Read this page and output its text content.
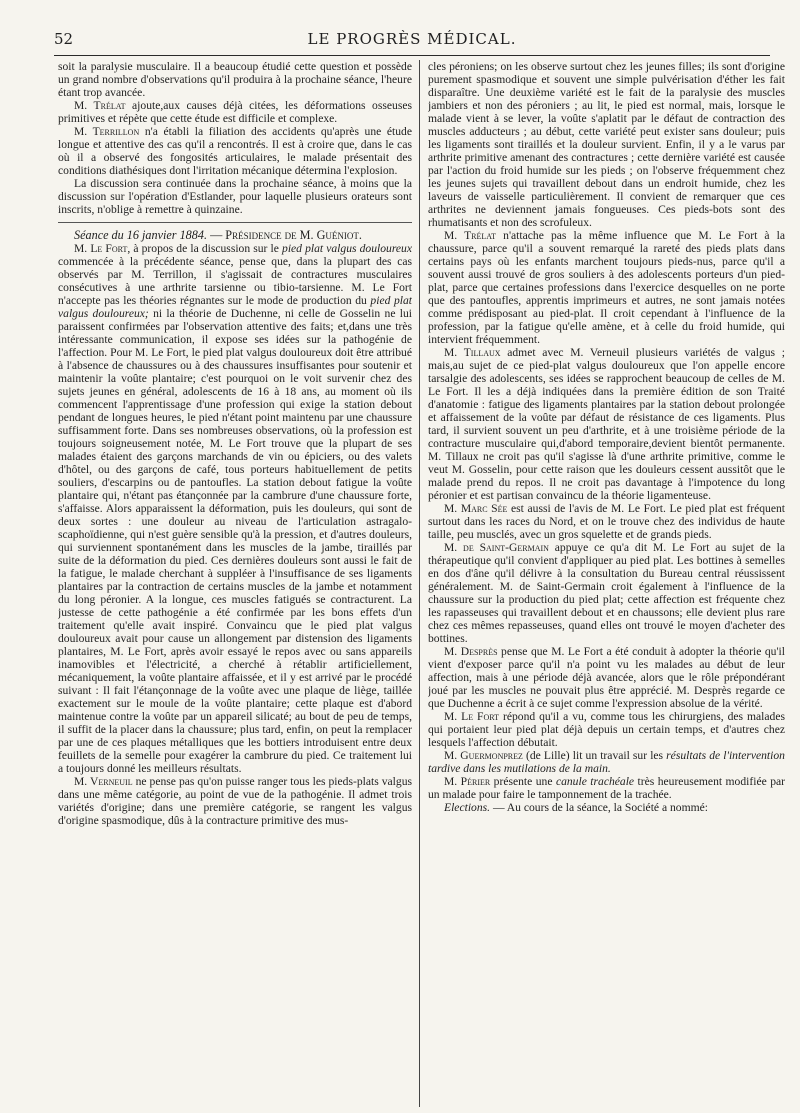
52	LE PROGRÈS MÉDICAL.

soit la paralysie musculaire. Il a beaucoup étudié cette question et possède un grand nombre d'observations qu'il produira à la prochaine séance, l'heure étant trop avancée.

M. Trélat ajoute,aux causes déjà citées, les déformations osseuses primitives et répète que cette étude est difficile et complexe.

M. Terrillon n'a établi la filiation des accidents qu'après une étude longue et attentive des cas qu'il a rencontrés. Il est à croire que, dans le cas où il a observé des fongosités articulaires, le malade présentait des conditions diathésiques dont l'irritation mécanique détermina l'explosion.

La discussion sera continuée dans la prochaine séance, à moins que la discussion sur l'opération d'Estlander, pour laquelle plusieurs orateurs sont inscrits, n'oblige à remettre à quinzaine.

Séance du 16 janvier 1884. — Présidence de M. Guéniot.

M. Le Fort, à propos de la discussion sur le pied plat valgus douloureux commencée à la précédente séance, pense que, dans la plupart des cas observés par M. Terrillon, il s'agissait de contractures musculaires consécutives à une arthrite tarsienne ou tibio-tarsienne. M. Le Fort n'accepte pas les théories régnantes sur le mode de production du pied plat valgus douloureux; ni la théorie de Duchenne, ni celle de Gosselin ne lui paraissent confirmées par l'observation attentive des faits; et,dans une très intéressante communication, il expose ses idées sur la pathogénie de l'affection. Pour M. Le Fort, le pied plat valgus douloureux doit être attribué à l'absence de chaussures ou à des chaussures insuffisantes pour soutenir et maintenir la voûte plantaire; c'est pourquoi on le voit survenir chez des sujets jeunes en général, adolescents de 16 à 18 ans, au moment où ils commencent l'apprentissage d'une profession qui exige la station debout pendant de longues heures, le pied n'étant point maintenu par une chaussure suffisamment forte. Dans ses nombreuses observations, où la profession est toujours soigneusement notée, M. Le Fort trouve que la plupart de ses malades étaient des garçons marchands de vin ou épiciers, ou des valets d'hôtel, ou des garçons de café, tous porteurs habituellement de petits souliers, d'escarpins ou de pantoufles. La station debout fatigue la voûte plantaire qui, n'étant pas étançonnée par la cambrure d'une chaussure forte, s'affaisse. Alors apparaissent la déformation, puis les douleurs, qui sont de deux sortes : une douleur au niveau de l'articulation astragalo-scaphoïdienne, qui n'est guère sensible qu'à la pression, et d'autres douleurs, qui surviennent spontanément dans les muscles de la jambe, tiraillés par suite de la déformation du pied. Ces dernières douleurs sont aussi le fait de la fatigue, le malade cherchant à suppléer à l'insuffisance de ses ligaments plantaires par la contraction de certains muscles de la jambe et notamment du long péronier. A la longue, ces muscles fatigués se contracturent. La justesse de cette pathogénie a été confirmée par les bons effets d'un traitement qu'elle avait inspiré. Convaincu que le pied plat valgus douloureux avait pour cause un allongement par distension des ligaments plantaires, M. Le Fort, après avoir essayé le repos avec ou sans appareils inamovibles et l'électricité, a cherché à rétablir artificiellement, mécaniquement, la voûte plantaire affaissée, et il y est arrivé par le procédé suivant : Il fait l'étançonnage de la voûte avec une plaque de liège, taillée exactement sur le moule de la voûte plantaire; cette plaque est d'abord maintenue contre la voûte par un appareil silicaté; au bout de peu de temps, il suffit de la placer dans la chaussure; plus tard, enfin, on peut la remplacer par une de ces plaques métalliques que les bottiers introduisent entre deux feuillets de la semelle pour exagérer la cambrure du pied. Ce traitement lui a toujours donné les meilleurs résultats.

M. Verneuil ne pense pas qu'on puisse ranger tous les pieds-plats valgus dans une même catégorie, au point de vue de la pathogénie. Il admet trois variétés d'origine; dans une première catégorie, se rangent les valgus d'origine spasmodique, dûs à la contracture primitive des mus-

cles péroniens; on les observe surtout chez les jeunes filles; ils sont d'origine purement spasmodique et souvent une simple pulvérisation d'éther les fait disparaître. Une deuxième variété est le fait de la paralysie des muscles jambiers et non des péroniers ; au lit, le pied est normal, mais, lorsque le malade vient à se lever, la voûte s'aplatit par le défaut de contraction des muscles adducteurs ; au début, cette variété peut exister sans douleur; puis les ligaments sont tiraillés et la douleur survient. Enfin, il y a le varus par arthrite primitive amenant des contractures ; cette dernière variété est causée par l'action du froid humide sur les pieds ; on l'observe fréquemment chez les jeunes sujets qui travaillent debout dans un endroit humide, chez les laveurs de vaisselle particulièrement. Il convient de remarquer que ces arthrites ne deviennent jamais fongueuses. Ces pieds-bots sont des rhumatisants et non des scrofuleux.

M. Trélat n'attache pas la même influence que M. Le Fort à la chaussure, parce qu'il a souvent remarqué la rareté des pieds plats dans certains pays où les enfants marchent toujours pieds-nus, parce qu'il a souvent aussi trouvé de gros souliers à des adolescents porteurs d'un pied-plat, parce que certaines professions dans l'exercice desquelles on ne porte que des pantoufles, apprentis imprimeurs et autres, ne sont jamais notées comme prédisposant au pied-plat. Il croit cependant à l'influence de la profession, par la fatigue qu'elle amène, et à celle du froid humide, qui intervient fréquemment.

M. Tillaux admet avec M. Verneuil plusieurs variétés de valgus ; mais,au sujet de ce pied-plat valgus douloureux que l'on appelle encore tarsalgie des adolescents, ses idées se rapprochent beaucoup de celles de M. Le Fort. Il les a déjà indiquées dans la première édition de son Traité d'anatomie : fatigue des ligaments plantaires par la station debout prolongée et affaissement de la voûte par défaut de résistance de ces ligaments. Plus tard, il survient souvent un peu d'arthrite, et à une troisième période de la contracture musculaire qui,d'abord temporaire,devient bientôt permanente. M. Tillaux ne croit pas qu'il s'agisse là d'une arthrite primitive, comme le veut M. Gosselin, pour cette raison que les douleurs cessent aussitôt que le malade prend du repos. Il ne croit pas davantage à l'impotence du long péronier et est partisan convaincu de la théorie ligamenteuse.

M. Marc Sée est aussi de l'avis de M. Le Fort. Le pied plat est fréquent surtout dans les races du Nord, et on le trouve chez des individus de haute taille, peu musclés, avec un gros squelette et de grands pieds.

M. de Saint-Germain appuye ce qu'a dit M. Le Fort au sujet de la thérapeutique qu'il convient d'appliquer au pied plat. Les bottines à semelles en dos d'âne qu'il délivre à la consultation du Bureau central réussissent généralement. M. de Saint-Germain croit également à l'influence de la chaussure sur la production du pied plat; cette affection est fréquente chez les rapasseuses qui travaillent debout et en chaussons; elle devient plus rare chez ces mêmes repasseuses, quand elles ont trouvé le moyen d'acheter des bottines.

M. Desprès pense que M. Le Fort a été conduit à adopter la théorie qu'il vient d'exposer parce qu'il n'a point vu les malades au début de leur affection, mais à une période déjà avancée, alors que le rôle prépondérant joué par les muscles ne pouvait plus être apprécié. M. Desprès regarde ce que Duchenne a écrit à ce sujet comme l'expression absolue de la vérité.

M. Le Fort répond qu'il a vu, comme tous les chirurgiens, des malades qui portaient leur pied plat déjà depuis un certain temps, et d'autres chez lesquels l'affection débutait.

M. Guermonprez (de Lille) lit un travail sur les résultats de l'intervention tardive dans les mutilations de la main.

M. Périer présente une canule trachéale très heureusement modifiée par un malade pour faire le tamponnement de la trachée.

Elections. — Au cours de la séance, la Société a nommé:
